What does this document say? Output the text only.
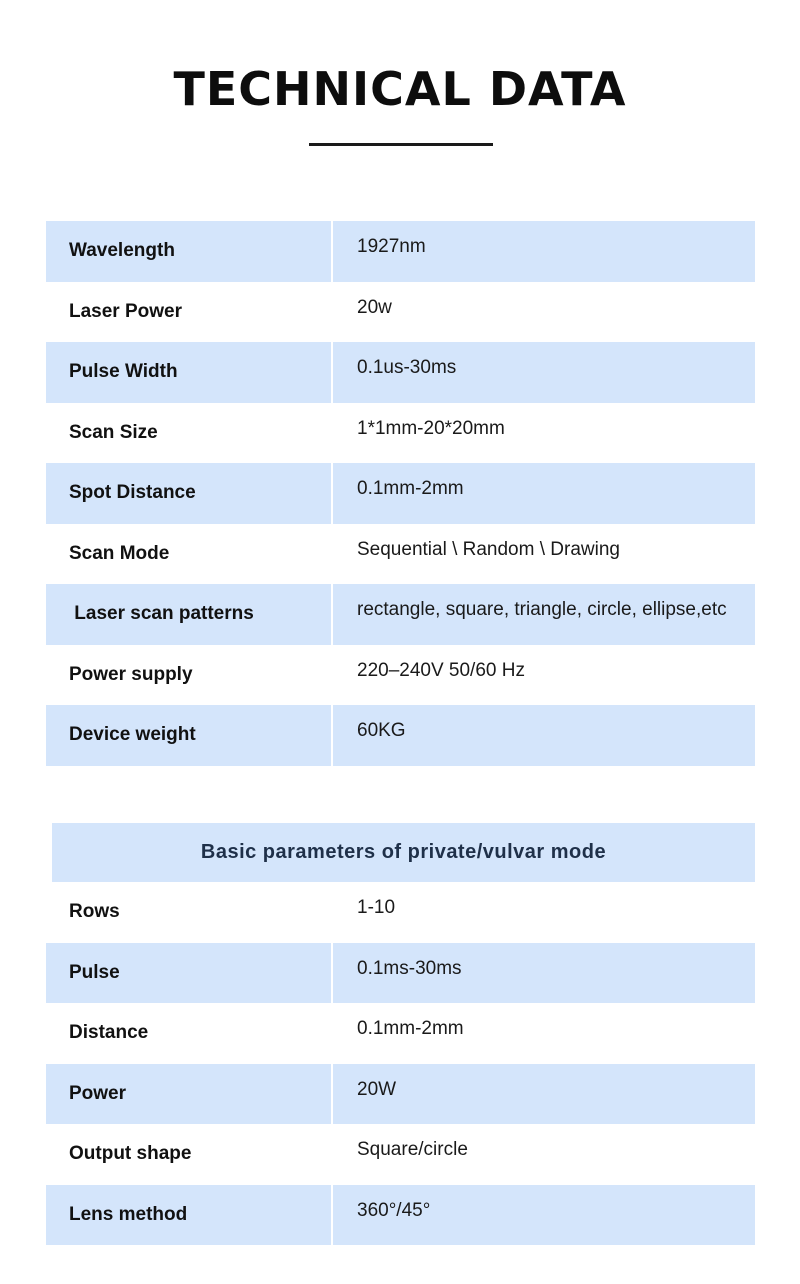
TECHNICAL DATA
Wavelength	1927nm
Laser Power	20w
Pulse Width	0.1us-30ms
Scan Size	1*1mm-20*20mm
Spot Distance	0.1mm-2mm
Scan Mode	Sequential \ Random \ Drawing
Laser scan patterns	rectangle, square, triangle, circle, ellipse,etc
Power supply	220–240V 50/60 Hz
Device weight	60KG
Basic parameters of private/vulvar mode
Rows	1-10
Pulse	0.1ms-30ms
Distance	0.1mm-2mm
Power	20W
Output shape	Square/circle
Lens method	360°/45°
